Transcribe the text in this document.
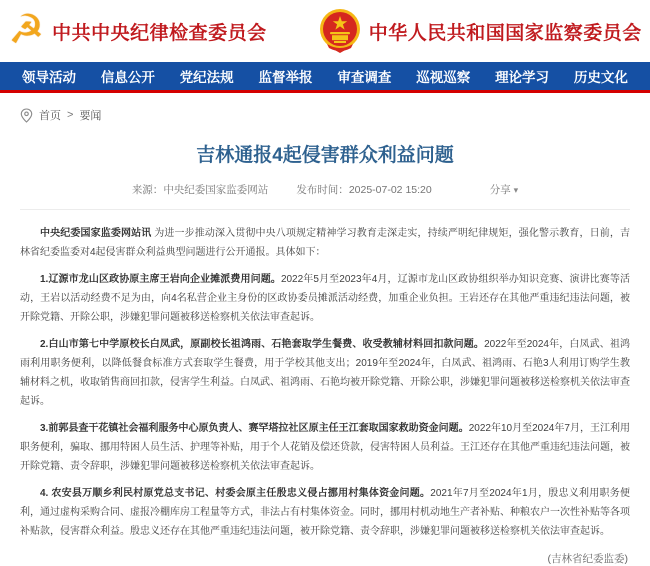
☭ 中共中央纪律检查委员会	中华人民共和国国家监察委员会
领导活动 信息公开 党纪法规 监督举报 审查调查 巡视巡察 理论学习 历史文化
首页 > 要闻
吉林通报4起侵害群众利益问题
来源：中央纪委国家监委网站	发布时间：2025-07-02 15:20	分享 ▾

中央纪委国家监委网站讯 为进一步推动深入贯彻中央八项规定精神学习教育走深走实，持续严明纪律规矩，强化警示教育，日前，吉林省纪委监委对4起侵害群众利益典型问题进行公开通报。具体如下：

1.辽源市龙山区政协原主席王岩向企业摊派费用问题。2022年5月至2023年4月，辽源市龙山区政协组织举办知识竞赛、演讲比赛等活动，王岩以活动经费不足为由，向4名私营企业主身份的区政协委员摊派活动经费，加重企业负担。王岩还存在其他严重违纪违法问题，被开除党籍、开除公职，涉嫌犯罪问题被移送检察机关依法审查起诉。

2.白山市第七中学原校长白凤武，原副校长祖鸿雨、石艳套取学生餐费、收受教辅材料回扣款问题。2022年至2024年，白凤武、祖鸿雨利用职务便利，以降低餐食标准方式套取学生餐费，用于学校其他支出；2019年至2024年，白凤武、祖鸿雨、石艳3人利用订购学生教辅材料之机，收取销售商回扣款，侵害学生利益。白凤武、祖鸿雨、石艳均被开除党籍、开除公职，涉嫌犯罪问题被移送检察机关依法审查起诉。

3.前郭县查干花镇社会福利服务中心原负责人、赛罕塔拉社区原主任王江套取国家救助资金问题。2022年10月至2024年7月，王江利用职务便利，骗取、挪用特困人员生活、护理等补贴，用于个人花销及偿还贷款，侵害特困人员利益。王江还存在其他严重违纪违法问题，被开除党籍、责令辞职，涉嫌犯罪问题被移送检察机关依法审查起诉。

4. 农安县万顺乡利民村原党总支书记、村委会原主任殷忠义侵占挪用村集体资金问题。2021年7月至2024年1月，殷忠义利用职务便利，通过虚构采购合同、虚报冷棚库房工程量等方式，非法占有村集体资金。同时，挪用村机动地生产者补贴、种粮农户一次性补贴等各项补贴款，侵害群众利益。殷忠义还存在其他严重违纪违法问题，被开除党籍、责令辞职，涉嫌犯罪问题被移送检察机关依法审查起诉。

(吉林省纪委监委)
